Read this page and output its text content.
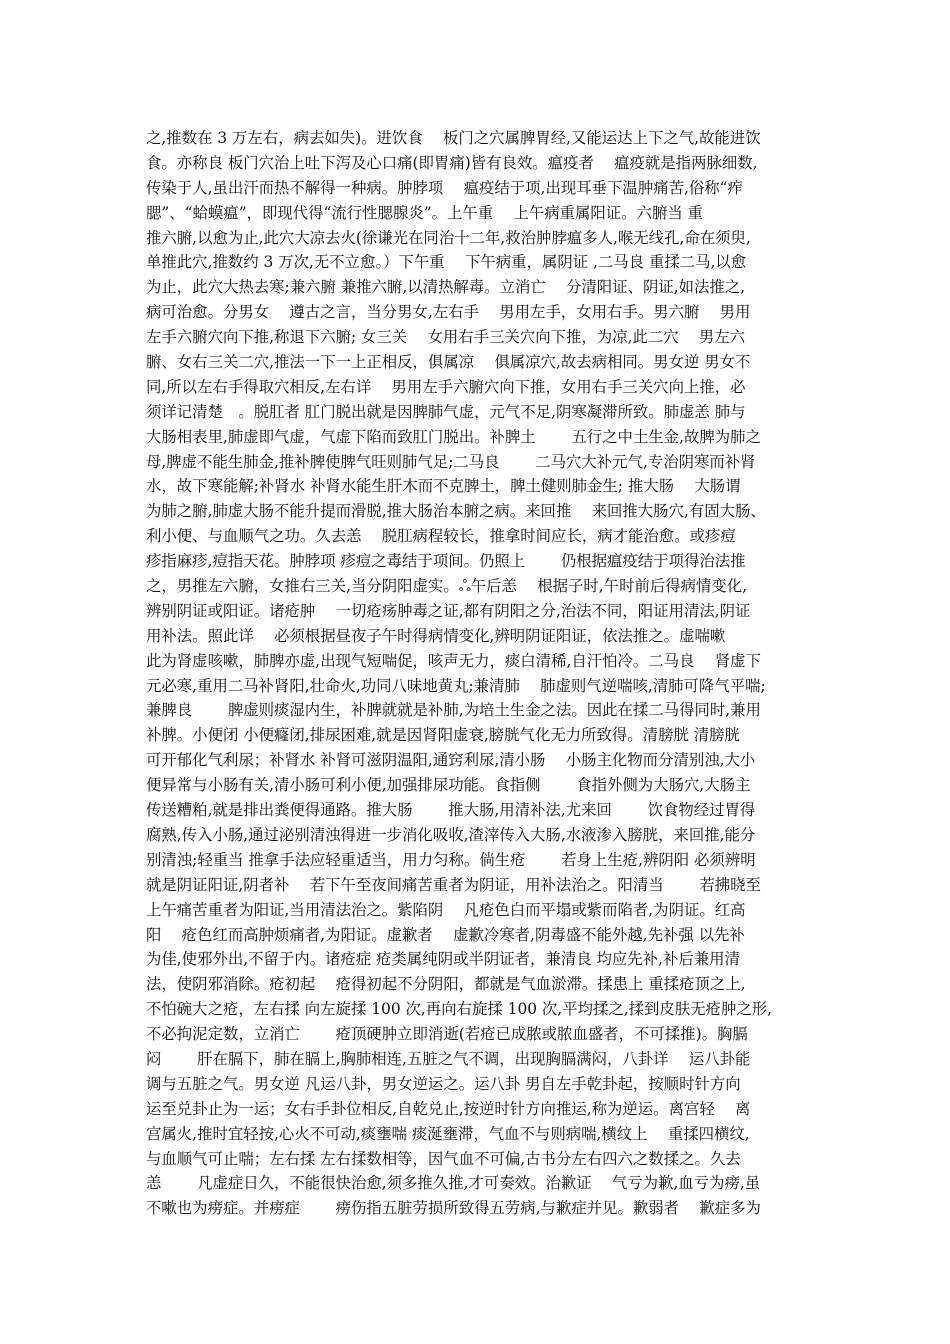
之,推数在 3 万左右，病去如失)。进饮食　 板门之穴属脾胃经,又能运达上下之气,故能进饮
食。亦称良 板门穴治上吐下泻及心口痛(即胃痛)皆有良效。瘟疫者　 瘟疫就是指两脉细数,
传染于人,虽出汗而热不解得一种病。肿脖项　 瘟疫结于项,出现耳垂下温肿痛苦,俗称“痄
腮”、“蛤蟆瘟”，即现代得“流行性腮腺炎”。上午重　 上午病重属阳证。六腑当 重
推六腑,以愈为止,此穴大凉去火(徐谦光在同治十二年,救治肿脖瘟多人,喉无线孔,命在须臾,
单推此穴,推数约 3 万次,无不立愈。）下午重　 下午病重，属阴证 ,二马良 重揉二马,以愈
为止，此穴大热去寒;兼六腑 兼推六腑,以清热解毒。立消亡　 分清阳证、阴证,如法推之,
病可治愈。分男女　 遵古之言，当分男女,左右手　 男用左手，女用右手。男六腑　 男用
左手六腑穴向下推,称退下六腑; 女三关　 女用右手三关穴向下推，为凉,此二穴　 男左六
腑、女右三关二穴,推法一下一上正相反，俱属凉　 俱属凉穴,故去病相同。男女逆 男女不
同,所以左右手得取穴相反,左右详　 男用左手六腑穴向下推，女用右手三关穴向上推，必
须详记清楚　。脱肛者 肛门脱出就是因脾肺气虚，元气不足,阴寒凝滞所致。肺虚恙 肺与
大肠相表里,肺虚即气虚，气虚下陷而致肛门脱出。补脾土　　 五行之中土生金,故脾为肺之
母,脾虚不能生肺金,推补脾使脾气旺则肺气足;二马良　　 二马穴大补元气,专治阴寒而补肾
水，故下寒能解;补肾水 补肾水能生肝木而不克脾土，脾土健则肺金生; 推大肠　 大肠谓
为肺之腑,肺虚大肠不能升提而滑脱,推大肠治本腑之病。来回推　 来回推大肠穴,有固大肠、
利小便、与血顺气之功。久去恙　 脱肛病程较长，推拿时间应长，病才能治愈。或疹痘
疹指麻疹,痘指天花。肿脖项 疹痘之毒结于项间。仍照上　　 仍根据瘟疫结于项得治法推
之，男推左六腑，女推右三关,当分阴阳虚实。ஃ午后恙　 根据子时,午时前后得病情变化,
辨别阴证或阳证。诸疮肿　 一切疮疡肿毒之证,都有阴阳之分,治法不同，阳证用清法,阴证
用补法。照此详　 必须根据昼夜子午时得病情变化,辨明阴证阳证，依法推之。虚喘嗽
此为肾虚咳嗽，肺脾亦虚,出现气短喘促，咳声无力，痰白清稀,自汗怕冷。二马良　 肾虚下
元必寒,重用二马补肾阳,壮命火,功同八味地黄丸;兼清肺　 肺虚则气逆喘咳,清肺可降气平喘;
兼脾良　　 脾虚则痰湿内生，补脾就就是补肺,为培土生金之法。因此在揉二马得同时,兼用
补脾。小便闭 小便癃闭,排尿困难,就是因肾阳虚衰,膀胱气化无力所致得。清膀胱 清膀胱
可开郁化气利尿；补肾水 补肾可滋阴温阳,通窍利尿,清小肠　 小肠主化物而分清别浊,大小
便异常与小肠有关,清小肠可利小便,加强排尿功能。食指侧　　 食指外侧为大肠穴,大肠主
传送糟粕,就是排出粪便得通路。推大肠　　 推大肠,用清补法,尤来回　　 饮食物经过胃得
腐熟,传入小肠,通过泌别清浊得进一步消化吸收,渣滓传入大肠,水液渗入膀胱，来回推,能分
别清浊;轻重当 推拿手法应轻重适当，用力匀称。倘生疮　　 若身上生疮,辨阴阳 必须辨明
就是阴证阳证,阴者补　 若下午至夜间痛苦重者为阴证，用补法治之。阳清当　　 若拂晓至
上午痛苦重者为阳证,当用清法治之。紫陷阴　 凡疮色白而平塌或紫而陷者,为阴证。红高
阳　 疮色红而高肿烦痛者,为阳证。虚歉者　 虚歉冷寒者,阴毒盛不能外越,先补强 以先补
为佳,使邪外出,不留于内。诸疮症 疮类属纯阴或半阴证者，兼清良 均应先补,补后兼用清
法，使阴邪消除。疮初起　 疮得初起不分阴阳，都就是气血淤滞。揉患上 重揉疮顶之上,
不怕碗大之疮，左右揉 向左旋揉 100 次,再向右旋揉 100 次,平均揉之,揉到皮肤无疮肿之形,
不必拘泥定数，立消亡　　 疮顶硬肿立即消逝(若疮已成脓或脓血盛者，不可揉推)。胸膈
闷　　 肝在膈下，肺在膈上,胸肺相连,五脏之气不调，出现胸膈满闷，八卦详　 运八卦能
调与五脏之气。男女逆 凡运八卦，男女逆运之。运八卦 男自左手乾卦起，按顺时针方向
运至兑卦止为一运；女右手卦位相反,自乾兑止,按逆时针方向推运,称为逆运。离宫轻　 离
宫属火,推时宜轻按,心火不可动,痰壅喘 痰涎壅滞，气血不与则病喘,横纹上　 重揉四横纹,
与血顺气可止喘；左右揉 左右揉数相等，因气血不可偏,古书分左右四六之数揉之。久去
恙　　 凡虚症日久，不能很快治愈,须多推久推,才可奏效。治歉证　 气亏为歉,血亏为痨,虽
不嗽也为痨症。并痨症　　 痨伤指五脏劳损所致得五劳病,与歉症并见。歉弱者　 歉症多为
